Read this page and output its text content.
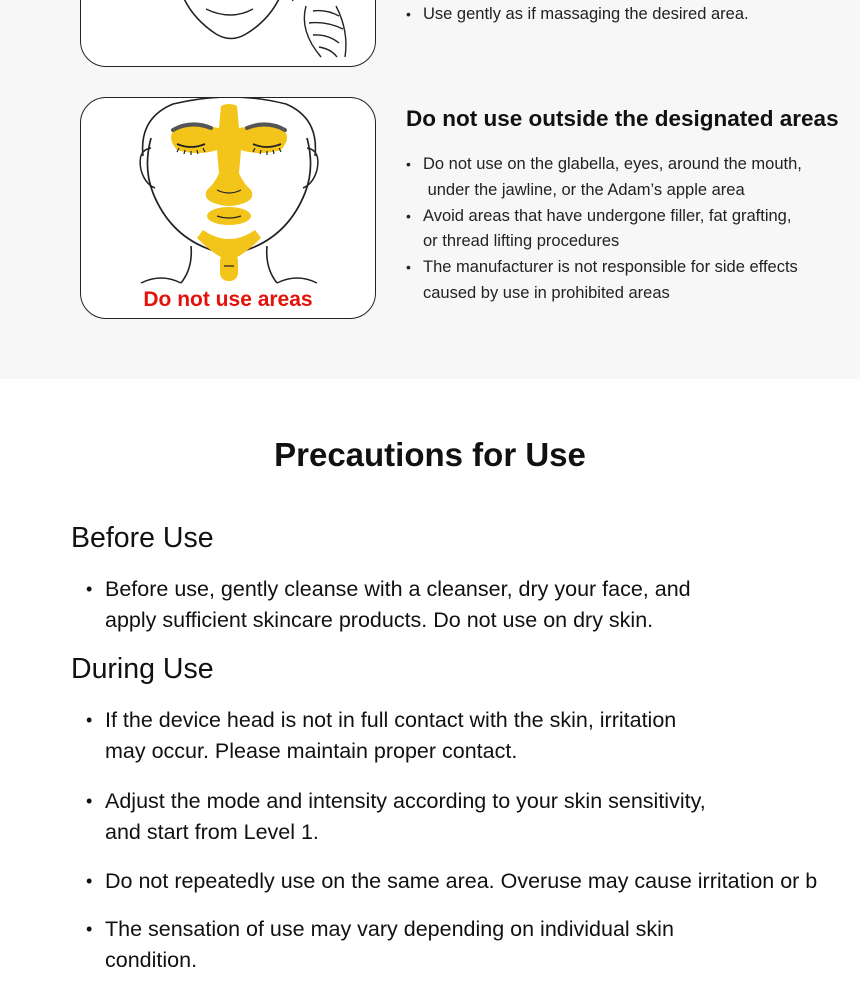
• Use gently as if massaging the desired area.
Do not use areas
Do not use outside the designated areas
• Do not use on the glabella, eyes, around the mouth,
under the jawline, or the Adam’s apple area
• Avoid areas that have undergone filler, fat grafting,
or thread lifting procedures
• The manufacturer is not responsible for side effects
caused by use in prohibited areas
Precautions for Use
Before Use
• Before use, gently cleanse with a cleanser, dry your face, and
apply sufficient skincare products. Do not use on dry skin.
During Use
• If the device head is not in full contact with the skin, irritation
may occur. Please maintain proper contact.
• Adjust the mode and intensity according to your skin sensitivity,
and start from Level 1.
• Do not repeatedly use on the same area. Overuse may cause irritation or b
• The sensation of use may vary depending on individual skin
condition.
